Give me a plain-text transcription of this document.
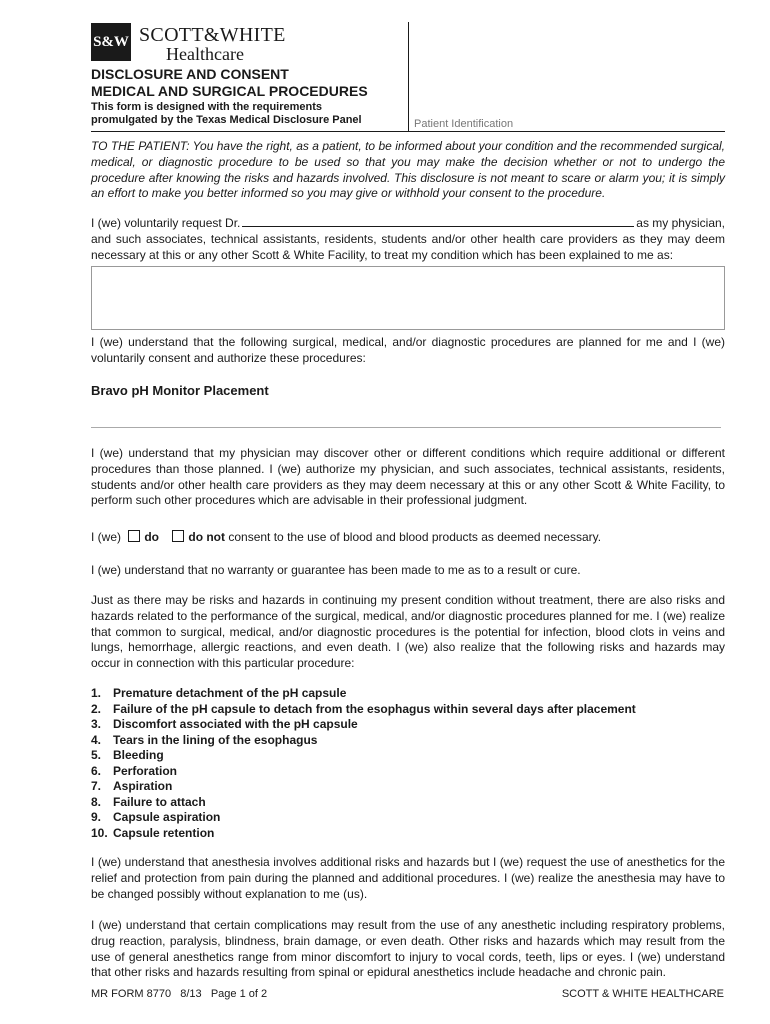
S&W SCOTT&WHITE
Healthcare
DISCLOSURE AND CONSENT
MEDICAL AND SURGICAL PROCEDURES
This form is designed with the requirements
promulgated by the Texas Medical Disclosure Panel	Patient Identification
TO THE PATIENT: You have the right, as a patient, to be informed about your condition and the recommended surgical, medical, or diagnostic procedure to be used so that you may make the decision whether or not to undergo the procedure after knowing the risks and hazards involved. This disclosure is not meant to scare or alarm you; it is simply an effort to make you better informed so you may give or withhold your consent to the procedure.
I (we) voluntarily request Dr.	as my physician,
and such associates, technical assistants, residents, students and/or other health care providers as they may deem necessary at this or any other Scott & White Facility, to treat my condition which has been explained to me as:
I (we) understand that the following surgical, medical, and/or diagnostic procedures are planned for me and I (we) voluntarily consent and authorize these procedures:
Bravo pH Monitor Placement
I (we) understand that my physician may discover other or different conditions which require additional or different procedures than those planned. I (we) authorize my physician, and such associates, technical assistants, residents, students and/or other health care providers as they may deem necessary at this or any other Scott & White Facility, to perform such other procedures which are advisable in their professional judgment.
I (we) do do not consent to the use of blood and blood products as deemed necessary.
I (we) understand that no warranty or guarantee has been made to me as to a result or cure.
Just as there may be risks and hazards in continuing my present condition without treatment, there are also risks and hazards related to the performance of the surgical, medical, and/or diagnostic procedures planned for me. I (we) realize that common to surgical, medical, and/or diagnostic procedures is the potential for infection, blood clots in veins and lungs, hemorrhage, allergic reactions, and even death. I (we) also realize that the following risks and hazards may occur in connection with this particular procedure:
1. Premature detachment of the pH capsule
2. Failure of the pH capsule to detach from the esophagus within several days after placement
3. Discomfort associated with the pH capsule
4. Tears in the lining of the esophagus
5. Bleeding
6. Perforation
7. Aspiration
8. Failure to attach
9. Capsule aspiration
10. Capsule retention
I (we) understand that anesthesia involves additional risks and hazards but I (we) request the use of anesthetics for the relief and protection from pain during the planned and additional procedures. I (we) realize the anesthesia may have to be changed possibly without explanation to me (us).
I (we) understand that certain complications may result from the use of any anesthetic including respiratory problems, drug reaction, paralysis, blindness, brain damage, or even death. Other risks and hazards which may result from the use of general anesthetics range from minor discomfort to injury to vocal cords, teeth, lips or eyes. I (we) understand that other risks and hazards resulting from spinal or epidural anesthetics include headache and chronic pain.
MR FORM 8770   8/13   Page 1 of 2	SCOTT & WHITE HEALTHCARE
